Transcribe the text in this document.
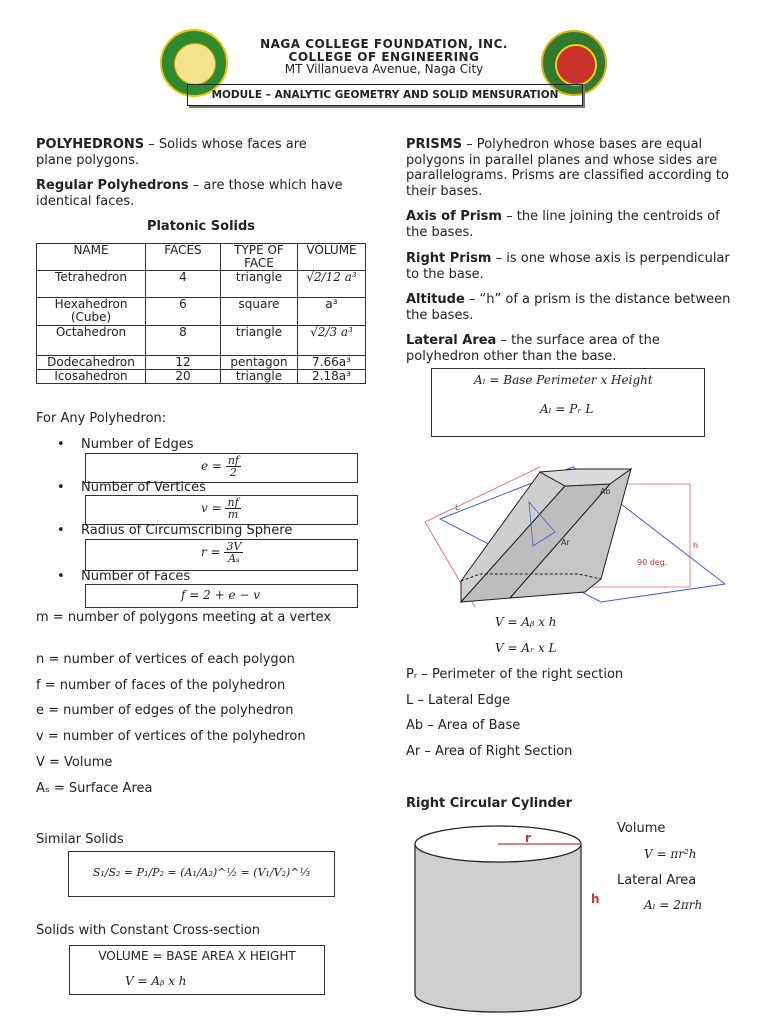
NAGA COLLEGE FOUNDATION, INC.
COLLEGE OF ENGINEERING
MT Villanueva Avenue, Naga City
MODULE – ANALYTIC GEOMETRY AND SOLID MENSURATION
POLYHEDRONS – Solids whose faces are plane polygons.
Regular Polyhedrons – are those which have identical faces.
Platonic Solids
NAME	FACES	TYPE OF FACE	VOLUME
Tetrahedron	4	triangle	√2/12 a³
Hexahedron (Cube)	6	square	a³
Octahedron	8	triangle	√2/3 a³
Dodecahedron	12	pentagon	7.66a³
Icosahedron	20	triangle	2.18a³
For Any Polyhedron:
• Number of Edges
$e = \frac{nf}{2}$
• Number of Vertices
$v = \frac{nf}{m}$
• Radius of Circumscribing Sphere
$r = \frac{3V}{\text{Aₛ}}$
• Number of Faces
f = 2 + e − v
m = number of polygons meeting at a vertex
n = number of vertices of each polygon
f = number of faces of the polyhedron
e = number of edges of the polyhedron
v = number of vertices of the polyhedron
V = Volume
Aₛ = Surface Area
Similar Solids
S₁/S₂ = P₁/P₂ = (A₁/A₂)^½ = (V₁/V₂)^⅓
Solids with Constant Cross-section
VOLUME = BASE AREA X HEIGHT
V = Aᵦ x h
PRISMS – Polyhedron whose bases are equal polygons in parallel planes and whose sides are parallelograms. Prisms are classified according to their bases.
Axis of Prism – the line joining the centroids of the bases.
Right Prism – is one whose axis is perpendicular to the base.
Altitude – “h” of a prism is the distance between the bases.
Lateral Area – the surface area of the polyhedron other than the base.
Aₗ = Base Perimeter x Height
Aₗ = Pᵣ L
Ab
Ar
90 deg.
h
L
V = Aᵦ x h
V = Aᵣ x L
Pᵣ – Perimeter of the right section
L – Lateral Edge
Ab – Area of Base
Ar – Area of Right Section
Right Circular Cylinder
r
h
Volume
V = πr²h
Lateral Area
Aₗ = 2πrh
